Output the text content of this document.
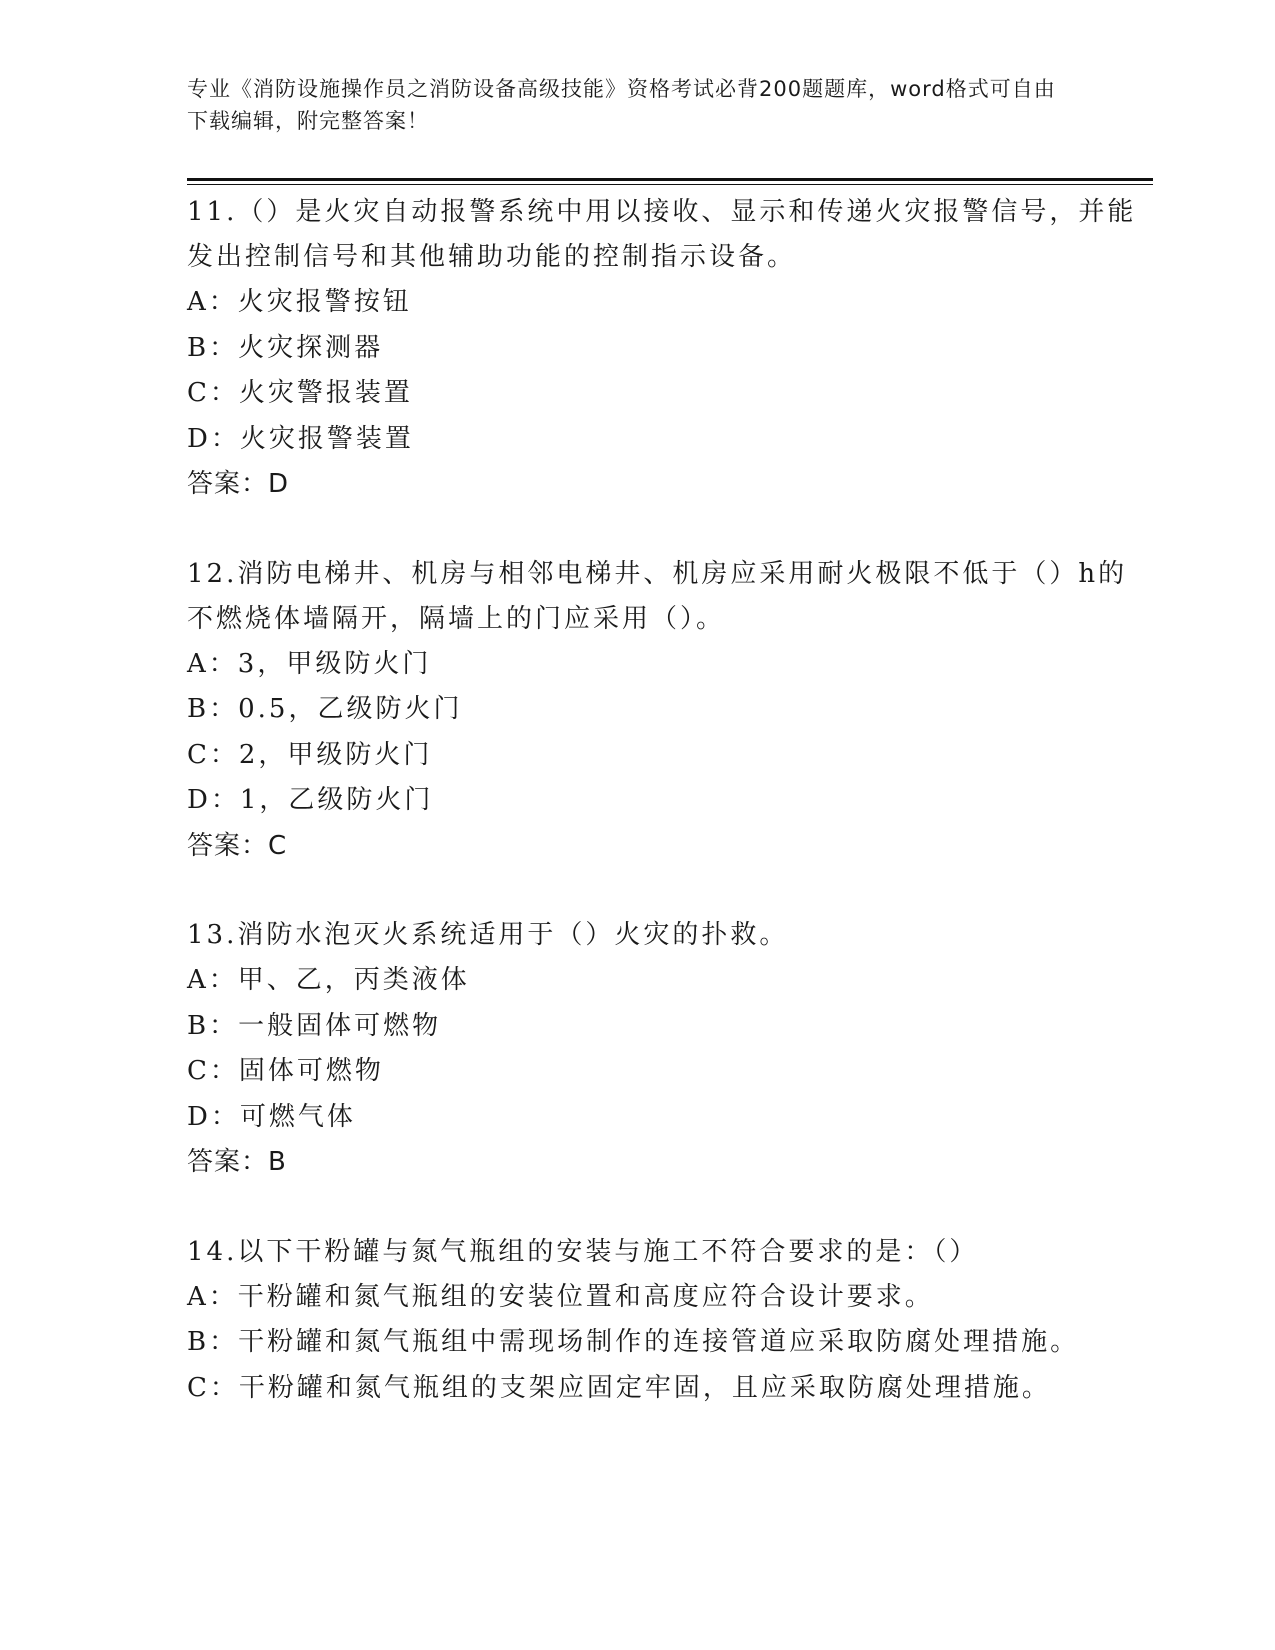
专业《消防设施操作员之消防设备高级技能》资格考试必背200题题库，word格式可自由下载编辑，附完整答案！
11.（）是火灾自动报警系统中用以接收、显示和传递火灾报警信号，并能发出控制信号和其他辅助功能的控制指示设备。
A：火灾报警按钮
B：火灾探测器
C：火灾警报装置
D：火灾报警装置
答案：D
12.消防电梯井、机房与相邻电梯井、机房应采用耐火极限不低于（）h的不燃烧体墙隔开，隔墙上的门应采用（）。
A：3，甲级防火门
B：0.5，乙级防火门
C：2，甲级防火门
D：1，乙级防火门
答案：C
13.消防水泡灭火系统适用于（）火灾的扑救。
A：甲、乙，丙类液体
B：一般固体可燃物
C：固体可燃物
D：可燃气体
答案：B
14.以下干粉罐与氮气瓶组的安装与施工不符合要求的是：（）
A：干粉罐和氮气瓶组的安装位置和高度应符合设计要求。
B：干粉罐和氮气瓶组中需现场制作的连接管道应采取防腐处理措施。
C：干粉罐和氮气瓶组的支架应固定牢固，且应采取防腐处理措施。
